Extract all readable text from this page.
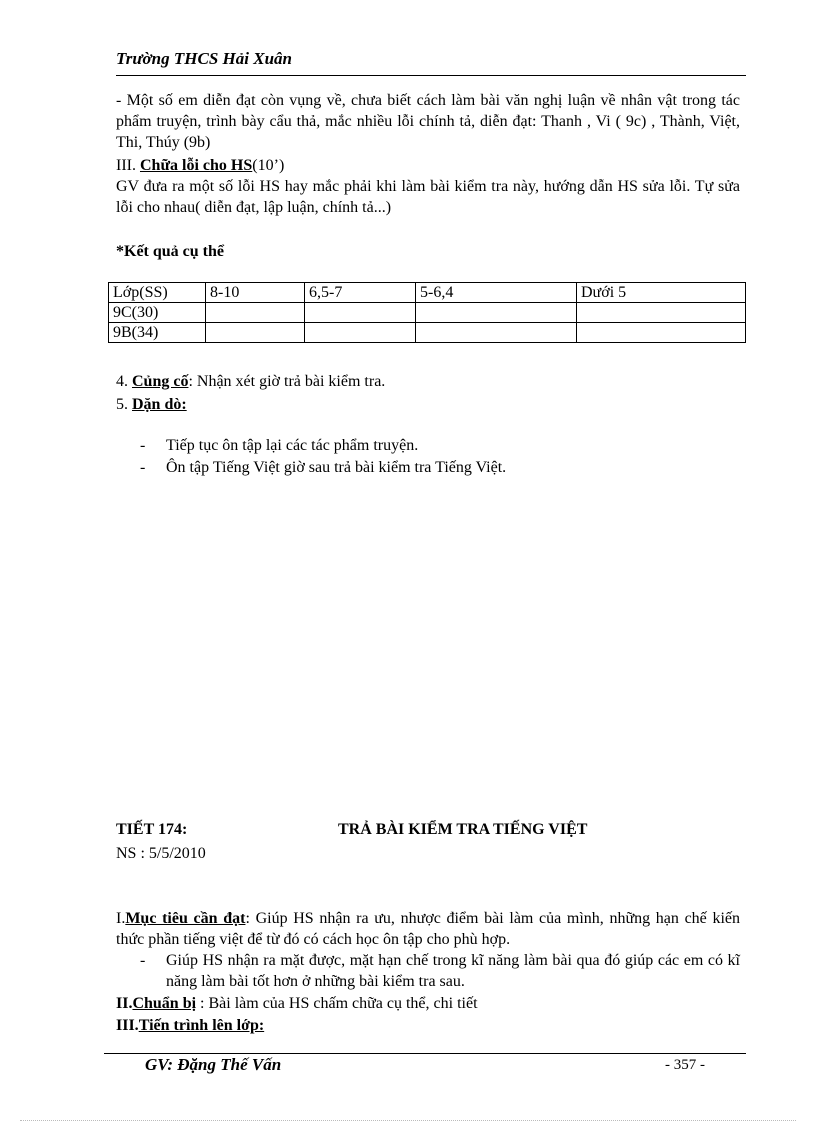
Trường THCS Hải Xuân
- Một số em diễn đạt còn vụng về, chưa biết cách làm bài văn nghị luận về nhân vật trong tác phẩm truyện, trình bày cẩu thả, mắc nhiều lỗi chính tả, diễn đạt: Thanh , Vi ( 9c) , Thành, Việt, Thi, Thúy (9b)
III. Chữa lỗi cho HS(10’)
GV đưa ra một số lỗi HS hay mắc phải khi làm bài kiểm tra này, hướng dẫn HS sửa lỗi. Tự sửa lỗi cho nhau( diễn đạt, lập luận, chính tả...)
*Kết quả cụ thể
Lớp(SS)	8-10	6,5-7	5-6,4	Dưới 5
9C(30)				
9B(34)				
4. Củng cố: Nhận xét giờ trả bài kiểm tra.
5. Dặn dò:
- Tiếp tục ôn tập lại các tác phẩm truyện.
- Ôn tập Tiếng Việt giờ sau trả bài kiểm tra Tiếng Việt.
TIẾT 174:	TRẢ BÀI KIỂM TRA TIẾNG VIỆT
NS : 5/5/2010
I.Mục tiêu cần đạt: Giúp HS nhận ra ưu, nhược điểm bài làm của mình, những hạn chế kiến thức phần tiếng việt để từ đó có cách học ôn tập cho phù hợp.
- Giúp HS nhận ra mặt được, mặt hạn chế trong kĩ năng làm bài qua đó giúp các em có kĩ năng làm bài tốt hơn ở những bài kiểm tra sau.
II.Chuẩn bị : Bài làm của HS chấm chữa cụ thể, chi tiết
III.Tiến trình lên lớp:
GV: Đặng Thế Vấn	- 357 -
